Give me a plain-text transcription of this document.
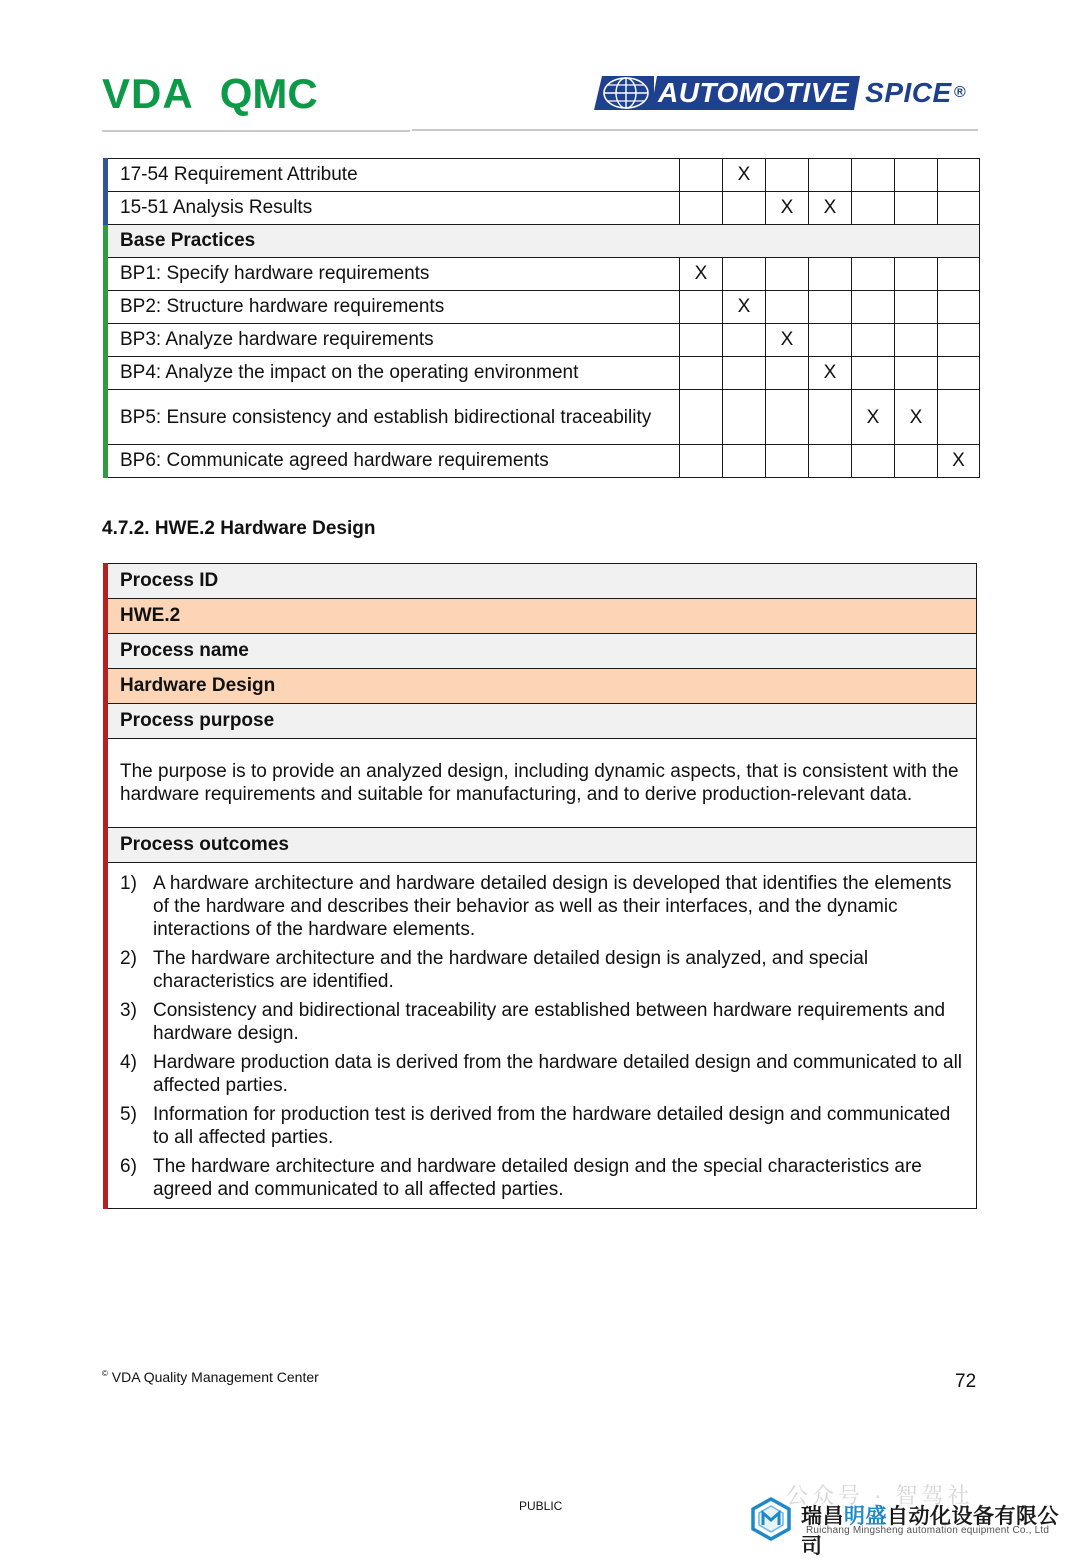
VDA QMC	AUTOMOTIVE SPICE ®
17-54 Requirement Attribute		X					
15-51 Analysis Results			X	X			
Base Practices							
BP1: Specify hardware requirements	X						
BP2: Structure hardware requirements		X					
BP3: Analyze hardware requirements			X				
BP4: Analyze the impact on the operating environment				X			
BP5: Ensure consistency and establish bidirectional traceability					X	X	
BP6: Communicate agreed hardware requirements							X
4.7.2. HWE.2 Hardware Design
Process ID
HWE.2
Process name
Hardware Design
Process purpose
The purpose is to provide an analyzed design, including dynamic aspects, that is consistent with the hardware requirements and suitable for manufacturing, and to derive production-relevant data.
Process outcomes

1) A hardware architecture and hardware detailed design is developed that identifies the elements of the hardware and describes their behavior as well as their interfaces, and the dynamic interactions of the hardware elements.
2) The hardware architecture and the hardware detailed design is analyzed, and special characteristics are identified.
3) Consistency and bidirectional traceability are established between hardware requirements and hardware design.
4) Hardware production data is derived from the hardware detailed design and communicated to all affected parties.
5) Information for production test is derived from the hardware detailed design and communicated to all affected parties.
6) The hardware architecture and hardware detailed design and the special characteristics are agreed and communicated to all affected parties.
© VDA Quality Management Center	72
PUBLIC	公众号 · 智驾社
瑞昌明盛自动化设备有限公司
Ruichang Mingsheng automation equipment Co., Ltd
